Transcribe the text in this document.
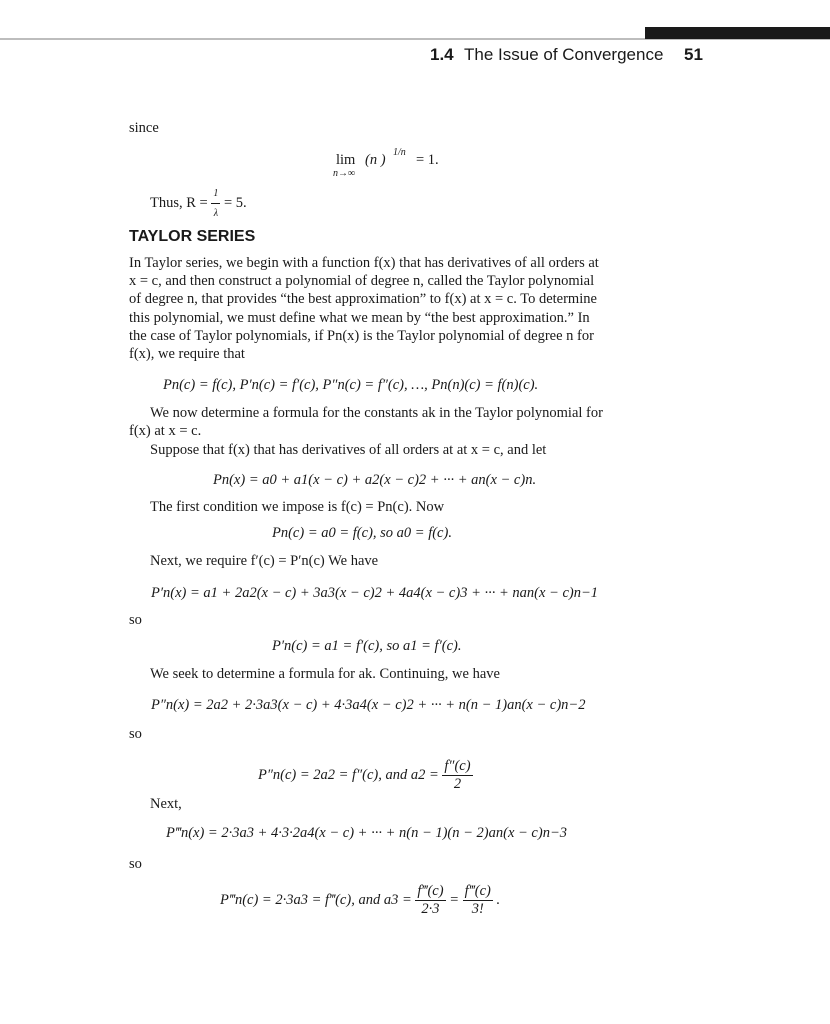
1.4 The Issue of Convergence 51
since
lim
n→∞
(n ) 1/n = 1.
Thus, $R = \frac{1}{\lambda} = 5$.
TAYLOR SERIES
In Taylor series, we begin with a function f(x) that has derivatives of all orders at
x = c, and then construct a polynomial of degree n, called the Taylor polynomial
of degree n, that provides “the best approximation” to f(x) at x = c. To determine
this polynomial, we must define what we mean by “the best approximation.” In
the case of Taylor polynomials, if Pn(x) is the Taylor polynomial of degree n for
f(x), we require that
Pn(c) = f(c), P′n(c) = f′(c), P″n(c) = f″(c), …, Pn(n)(c) = f(n)(c).
We now determine a formula for the constants ak in the Taylor polynomial for
f(x) at x = c.
Suppose that f(x) that has derivatives of all orders at at x = c, and let
Pn(x) = a0 + a1(x − c) + a2(x − c)2 + ··· + an(x − c)n.
The first condition we impose is f(c) = Pn(c). Now
Pn(c) = a0 = f(c), so a0 = f(c).
Next, we require f′(c) = P′n(c) We have
P′n(x) = a1 + 2a2(x − c) + 3a3(x − c)2 + 4a4(x − c)3 + ··· + nan(x − c)n−1
so
P′n(c) = a1 = f′(c), so a1 = f′(c).
We seek to determine a formula for ak. Continuing, we have
P″n(x) = 2a2 + 2·3a3(x − c) + 4·3a4(x − c)2 + ··· + n(n − 1)an(x − c)n−2
so
P″n(c) = 2a2 = f″(c), and $a2 = \frac{f''(c)}{2}$
Next,
P‴n(x) = 2·3a3 + 4·3·2a4(x − c) + ··· + n(n − 1)(n − 2)an(x − c)n−3
so
P‴n(c) = 2·3a3 = f‴(c), and $a3 = \frac{f‴(c)}{2\cdot 3} = \frac{f‴(c)}{3!}$ .
